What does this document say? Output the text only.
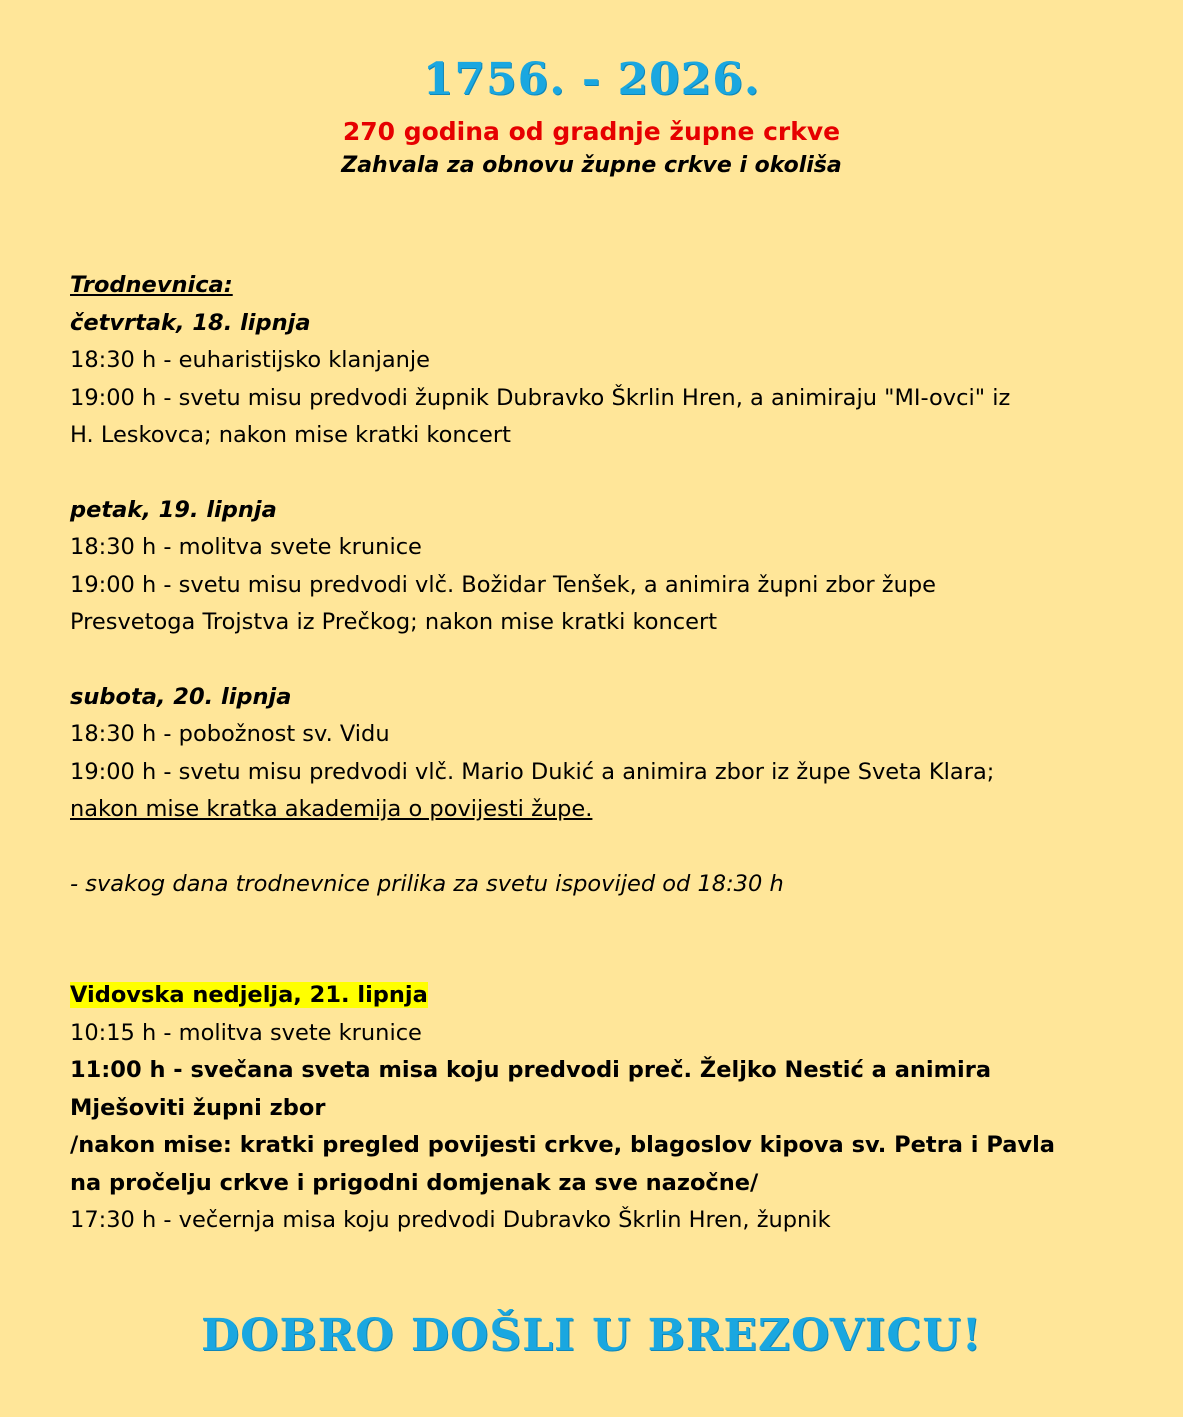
1756. - 2026.
270 godina od gradnje župne crkve
Zahvala za obnovu župne crkve i okoliša
Trodnevnica:
četvrtak, 18. lipnja
18:30 h - euharistijsko klanjanje
19:00 h - svetu misu predvodi župnik Dubravko Škrlin Hren, a animiraju "MI-ovci" iz
H. Leskovca; nakon mise kratki koncert
petak, 19. lipnja
18:30 h - molitva svete krunice
19:00 h - svetu misu predvodi vlč. Božidar Tenšek, a animira župni zbor župe
Presvetoga Trojstva iz Prečkog; nakon mise kratki koncert
subota, 20. lipnja
18:30 h - pobožnost sv. Vidu
19:00 h - svetu misu predvodi vlč. Mario Dukić a animira zbor iz župe Sveta Klara;
nakon mise kratka akademija o povijesti župe.
- svakog dana trodnevnice prilika za svetu ispovijed od 18:30 h
Vidovska nedjelja, 21. lipnja
10:15 h - molitva svete krunice
11:00 h - svečana sveta misa koju predvodi preč. Željko Nestić a animira
Mješoviti župni zbor
/nakon mise: kratki pregled povijesti crkve, blagoslov kipova sv. Petra i Pavla
na pročelju crkve i prigodni domjenak za sve nazočne/
17:30 h - večernja misa koju predvodi Dubravko Škrlin Hren, župnik
DOBRO DOŠLI U BREZOVICU!
